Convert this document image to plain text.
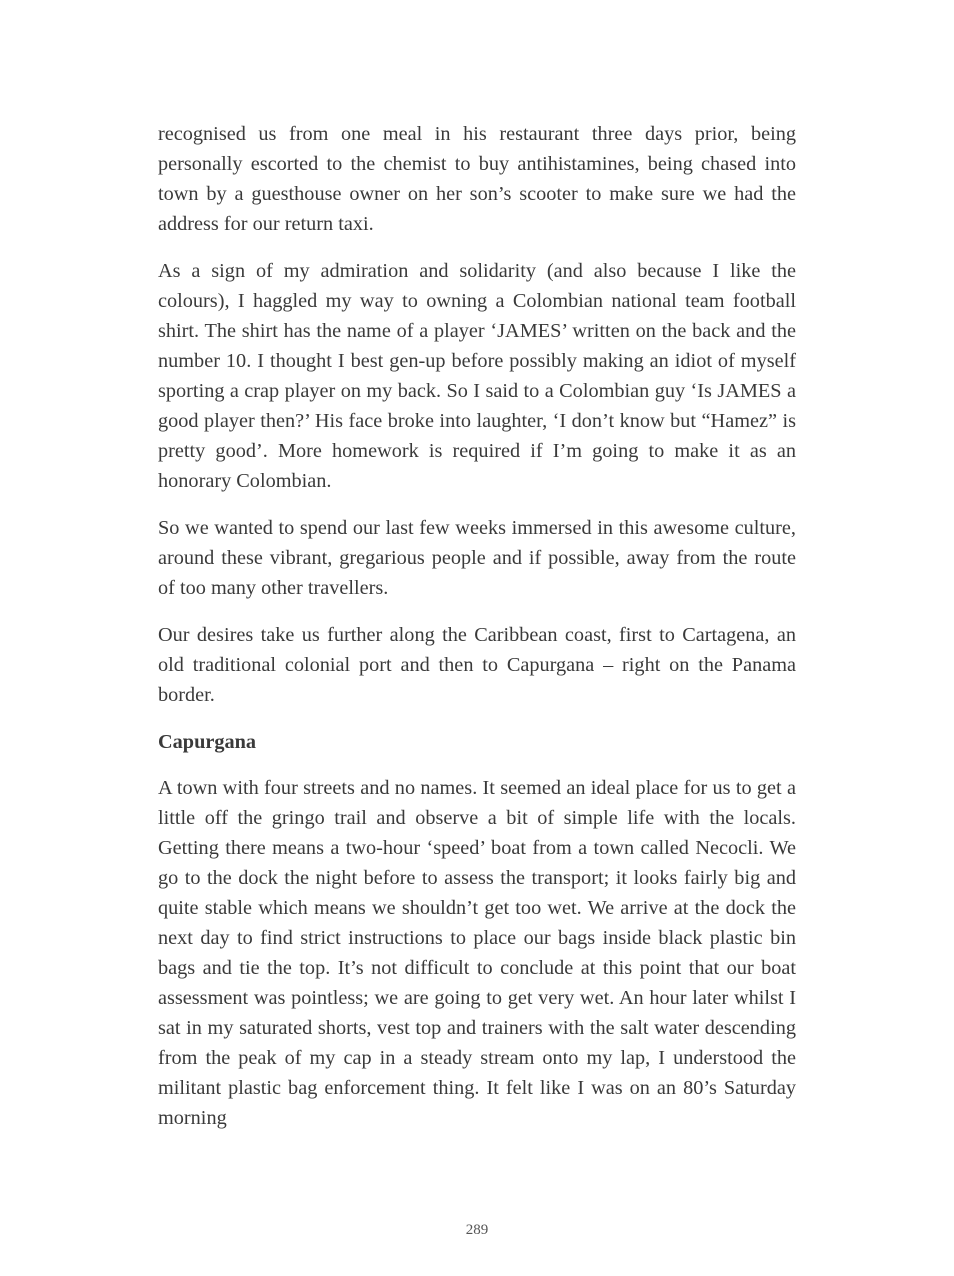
recognised us from one meal in his restaurant three days prior, being personally escorted to the chemist to buy antihistamines, being chased into town by a guesthouse owner on her son’s scooter to make sure we had the address for our return taxi.

As a sign of my admiration and solidarity (and also because I like the colours), I haggled my way to owning a Colombian national team football shirt. The shirt has the name of a player ‘JAMES’ written on the back and the number 10. I thought I best gen-up before possibly making an idiot of myself sporting a crap player on my back. So I said to a Colombian guy ‘Is JAMES a good player then?’ His face broke into laughter, ‘I don’t know but “Hamez” is pretty good’. More homework is required if I’m going to make it as an honorary Colombian.

So we wanted to spend our last few weeks immersed in this awesome culture, around these vibrant, gregarious people and if possible, away from the route of too many other travellers.

Our desires take us further along the Caribbean coast, first to Cartagena, an old traditional colonial port and then to Capurgana – right on the Panama border.

Capurgana

A town with four streets and no names. It seemed an ideal place for us to get a little off the gringo trail and observe a bit of simple life with the locals. Getting there means a two-hour ‘speed’ boat from a town called Necocli. We go to the dock the night before to assess the transport; it looks fairly big and quite stable which means we shouldn’t get too wet. We arrive at the dock the next day to find strict instructions to place our bags inside black plastic bin bags and tie the top. It’s not difficult to conclude at this point that our boat assessment was pointless; we are going to get very wet. An hour later whilst I sat in my saturated shorts, vest top and trainers with the salt water descending from the peak of my cap in a steady stream onto my lap, I understood the militant plastic bag enforcement thing. It felt like I was on an 80’s Saturday morning

289
